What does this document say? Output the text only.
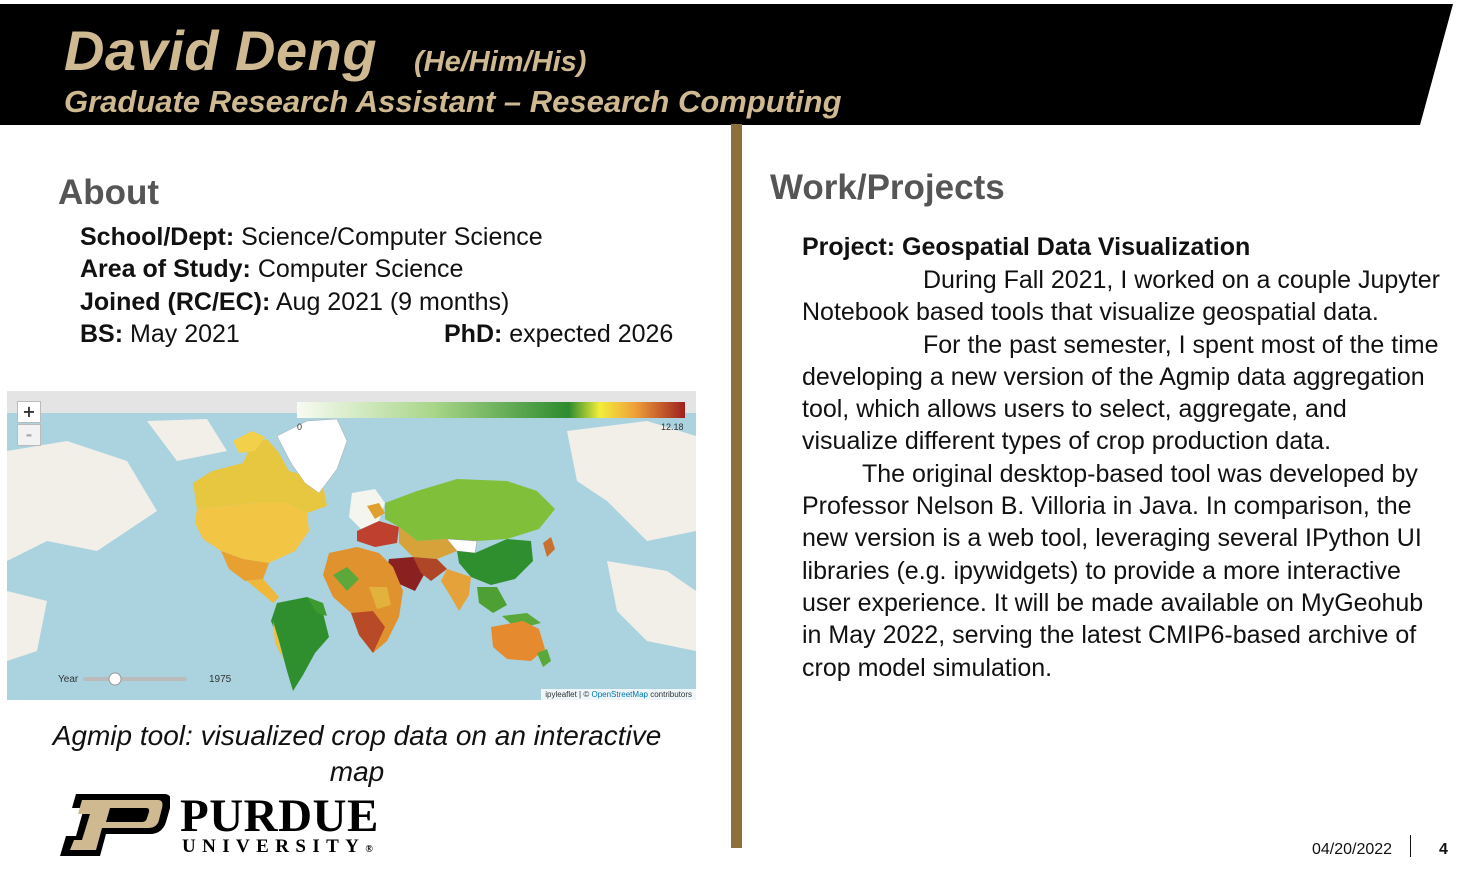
David Deng (He/Him/His)
Graduate Research Assistant – Research Computing
About
School/Dept: Science/Computer Science
Area of Study: Computer Science
Joined (RC/EC): Aug 2021 (9 months)
BS: May 2021	PhD: expected 2026
+
-	0	12.18
Year	1975
ipyleaflet | © OpenStreetMap contributors
Agmip tool: visualized crop data on an interactive map
PURDUE
UNIVERSITY®
Work/Projects
Project: Geospatial Data Visualization

During Fall 2021, I worked on a couple Jupyter Notebook based tools that visualize geospatial data.

For the past semester, I spent most of the time developing a new version of the Agmip data aggregation tool, which allows users to select, aggregate, and visualize different types of crop production data.

The original desktop-based tool was developed by Professor Nelson B. Villoria in Java. In comparison, the new version is a web tool, leveraging several IPython UI libraries (e.g. ipywidgets) to provide a more interactive user experience. It will be made available on MyGeohub in May 2022, serving the latest CMIP6-based archive of crop model simulation.

04/20/2022	4
